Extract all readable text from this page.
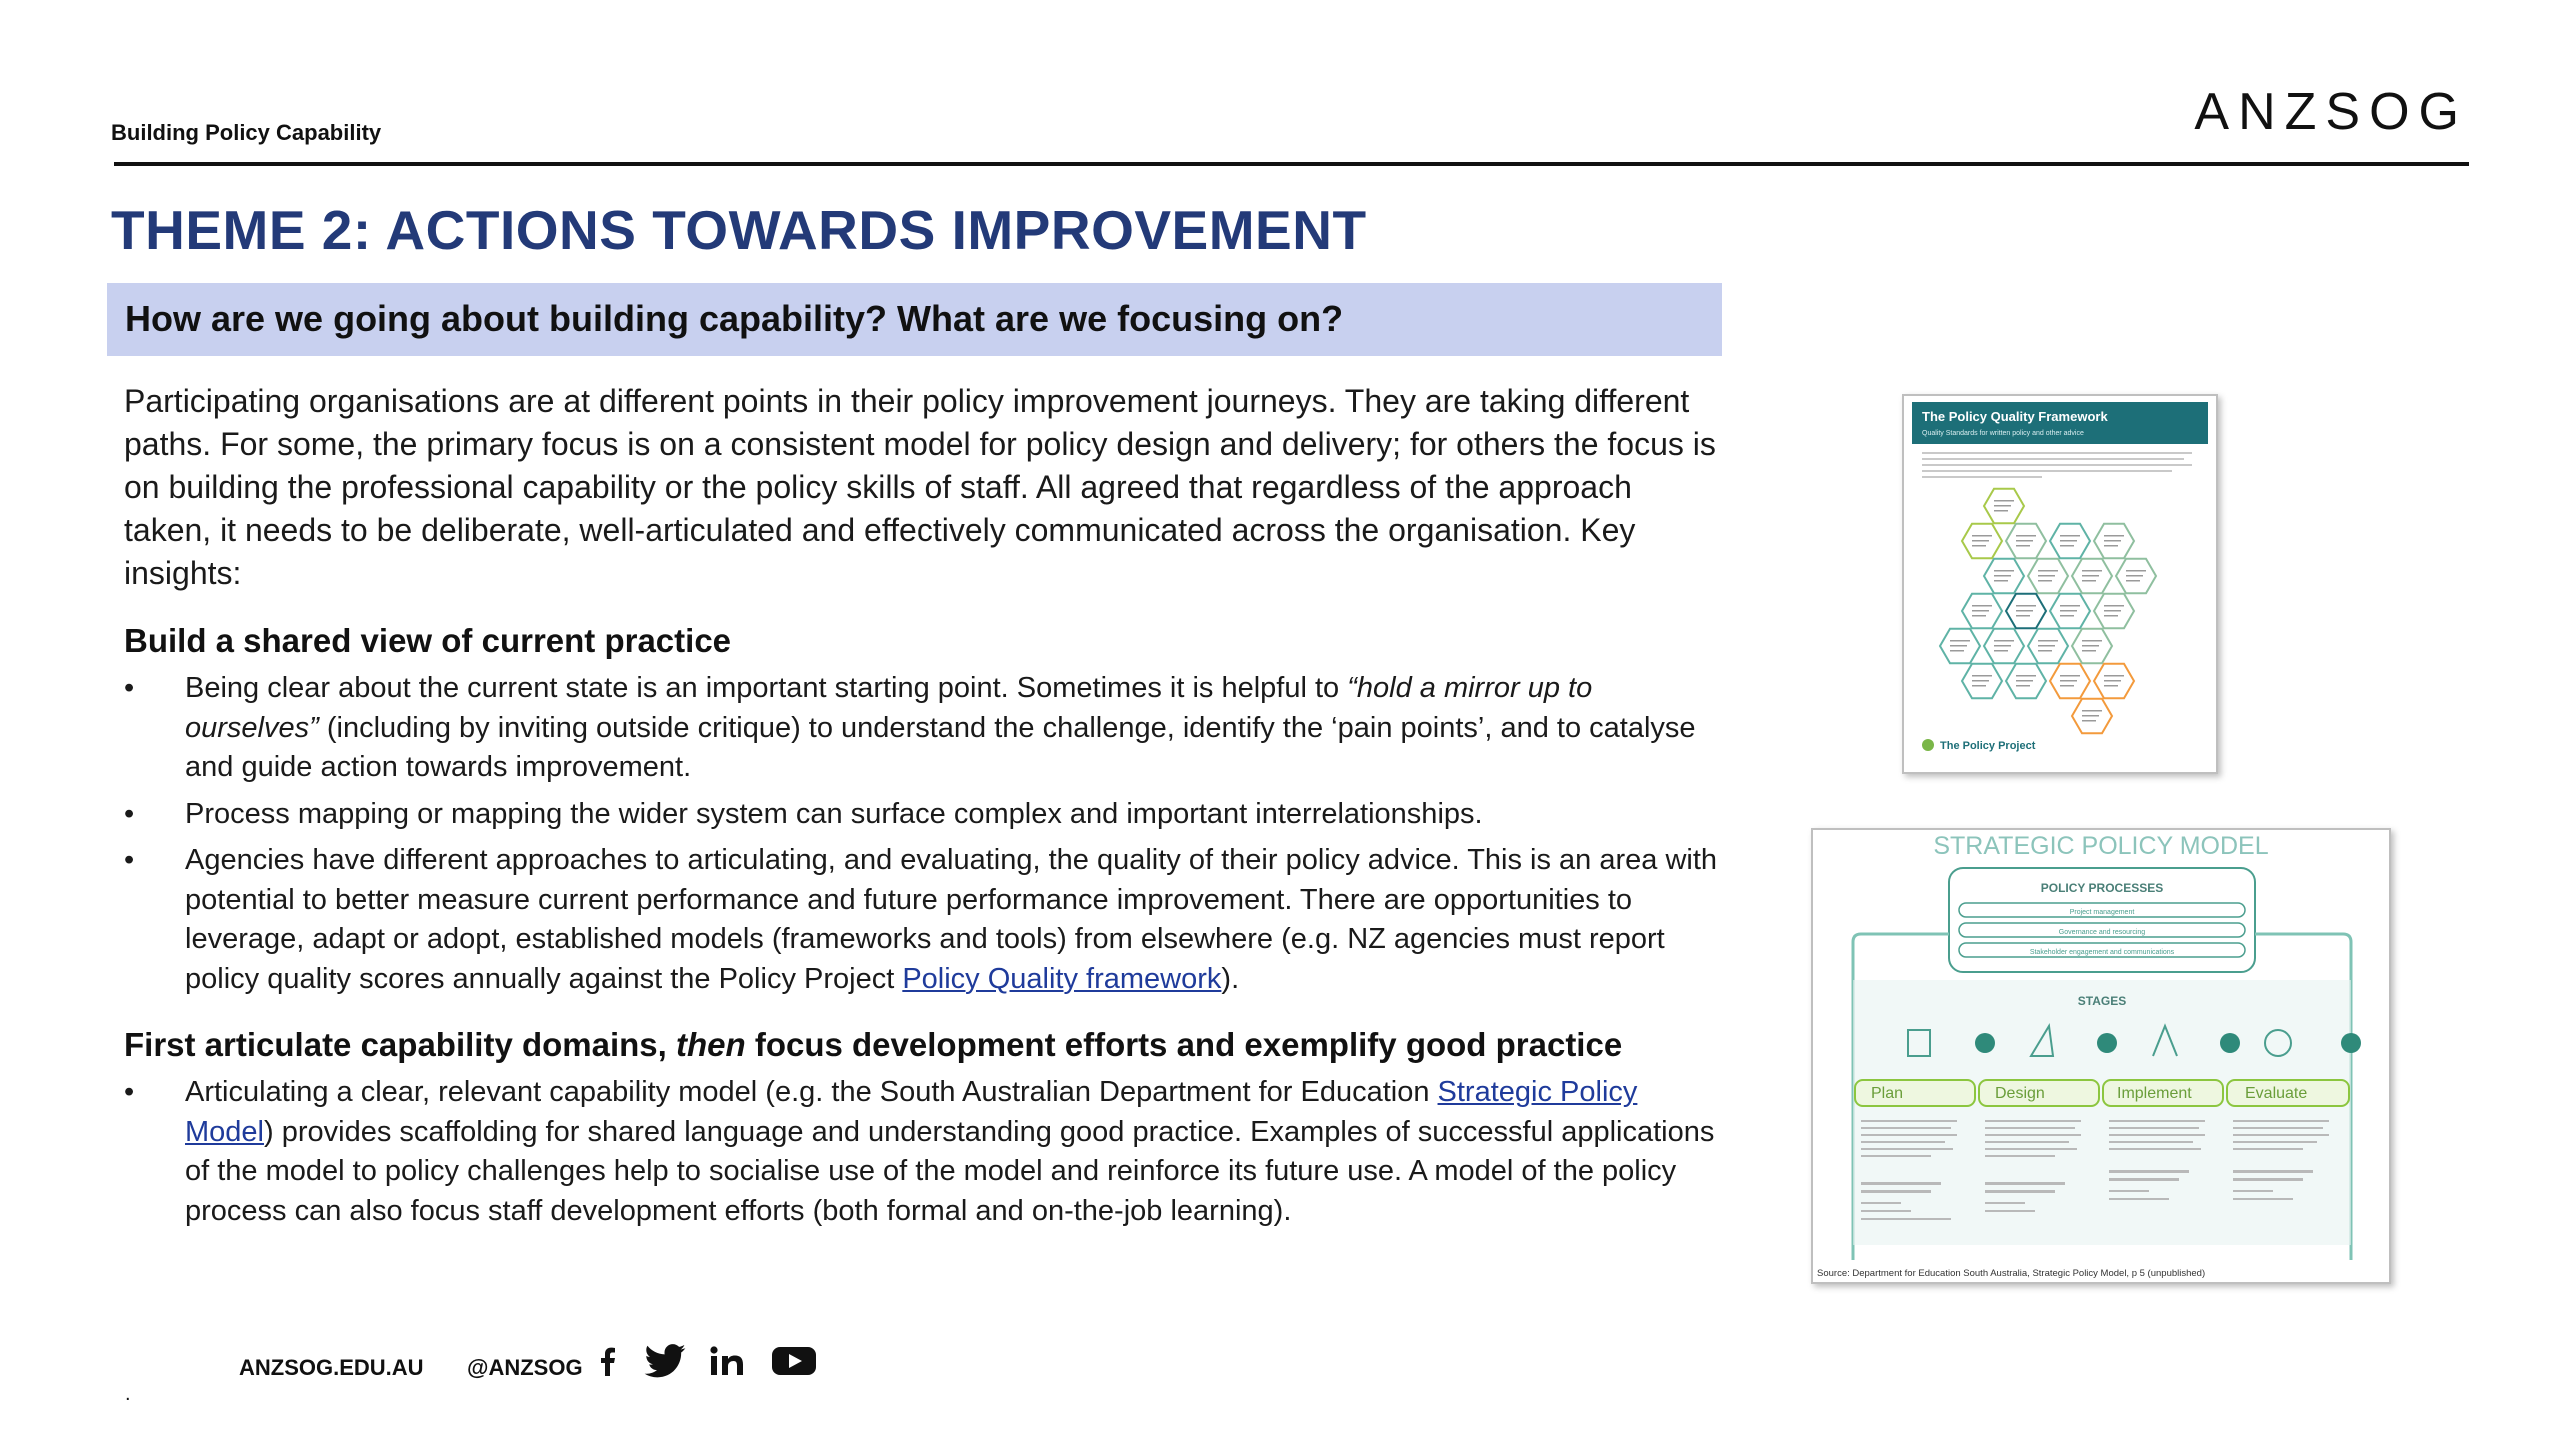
Building Policy Capability	ANZSOG
THEME 2: ACTIONS TOWARDS IMPROVEMENT
How are we going about building capability? What are we focusing on?

Participating organisations are at different points in their policy improvement journeys. They are taking different paths. For some, the primary focus is on a consistent model for policy design and delivery; for others the focus is on building the professional capability or the policy skills of staff. All agreed that regardless of the approach taken, it needs to be deliberate, well-articulated and effectively communicated across the organisation. Key insights:

Build a shared view of current practice
• Being clear about the current state is an important starting point. Sometimes it is helpful to “hold a mirror up to ourselves” (including by inviting outside critique) to understand the challenge, identify the ‘pain points’, and to catalyse and guide action towards improvement.
• Process mapping or mapping the wider system can surface complex and important interrelationships.
• Agencies have different approaches to articulating, and evaluating, the quality of their policy advice. This is an area with potential to better measure current performance and future performance improvement. There are opportunities to leverage, adapt or adopt, established models (frameworks and tools) from elsewhere (e.g. NZ agencies must report policy quality scores annually against the Policy Project Policy Quality framework).
First articulate capability domains, then focus development efforts and exemplify good practice
• Articulating a clear, relevant capability model (e.g. the South Australian Department for Education Strategic Policy Model) provides scaffolding for shared language and understanding good practice. Examples of successful applications of the model to policy challenges help to socialise use of the model and reinforce its future use. A model of the policy process can also focus staff development efforts (both formal and on-the-job learning).
The Policy Quality Framework
Quality Standards for written policy and other advice
The Policy Project
STRATEGIC POLICY MODEL
POLICY PROCESSES
Project management
Governance and resourcing
Stakeholder engagement and communications
STAGES
Plan	Design	Implement	Evaluate
Source: Department for Education South Australia, Strategic Policy Model, p 5 (unpublished)
ANZSOG.EDU.AU @ANZSOG
.
